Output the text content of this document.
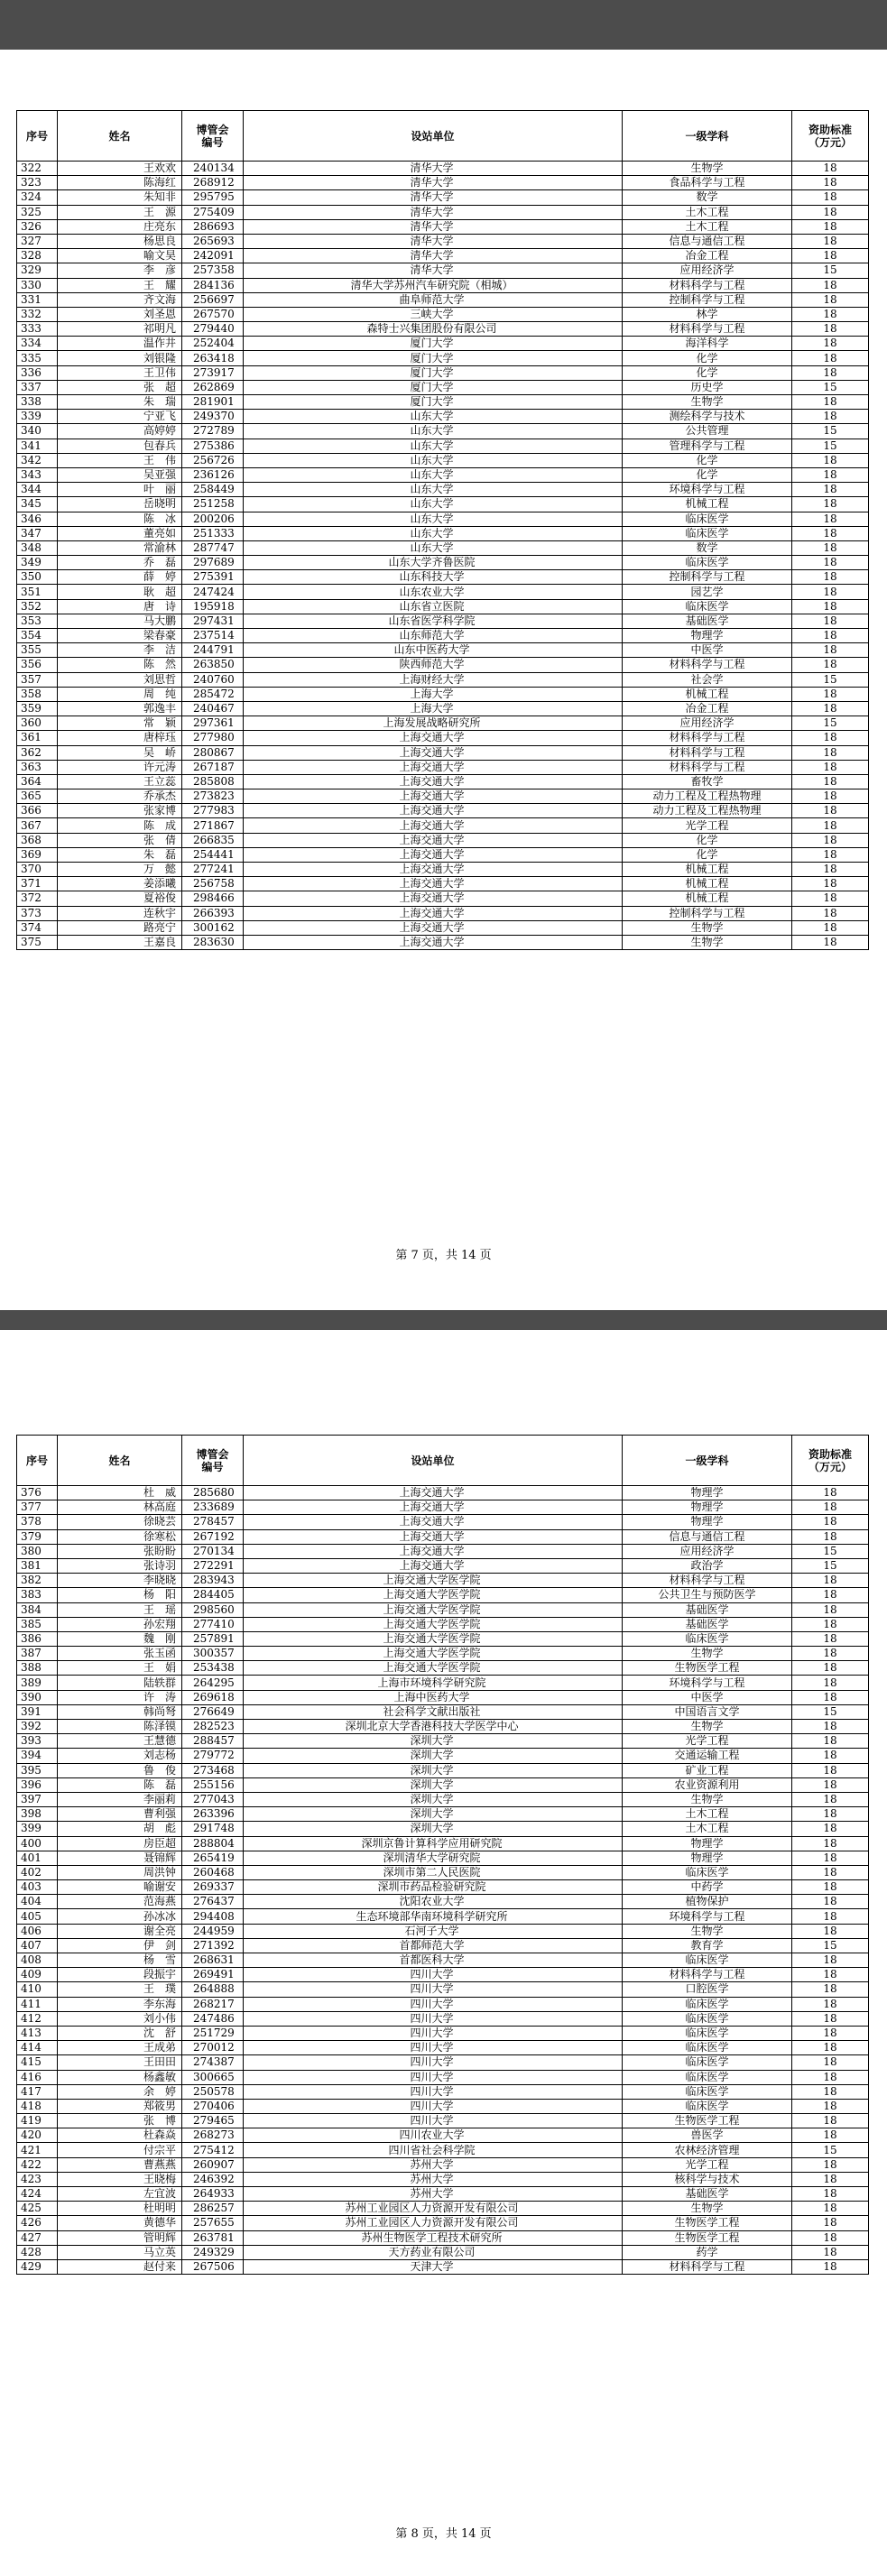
序号	姓名	博管会
编号	设站单位	一级学科	资助标准
（万元）
322	王欢欢	240134	清华大学	生物学	18
323	陈海红	268912	清华大学	食品科学与工程	18
324	朱知非	295795	清华大学	数学	18
325	王　源	275409	清华大学	土木工程	18
326	庄亮东	286693	清华大学	土木工程	18
327	杨思良	265693	清华大学	信息与通信工程	18
328	喻文昊	242091	清华大学	冶金工程	18
329	李　彦	257358	清华大学	应用经济学	15
330	王　耀	284136	清华大学苏州汽车研究院（相城）	材料科学与工程	18
331	齐文海	256697	曲阜师范大学	控制科学与工程	18
332	刘圣恩	267570	三峡大学	林学	18
333	祁明凡	279440	森特士兴集团股份有限公司	材料科学与工程	18
334	温作井	252404	厦门大学	海洋科学	18
335	刘银隆	263418	厦门大学	化学	18
336	王卫伟	273917	厦门大学	化学	18
337	张　超	262869	厦门大学	历史学	15
338	朱　瑞	281901	厦门大学	生物学	18
339	宁亚飞	249370	山东大学	测绘科学与技术	18
340	高婷婷	272789	山东大学	公共管理	15
341	包春兵	275386	山东大学	管理科学与工程	15
342	王　伟	256726	山东大学	化学	18
343	吴亚强	236126	山东大学	化学	18
344	叶　丽	258449	山东大学	环境科学与工程	18
345	岳晓明	251258	山东大学	机械工程	18
346	陈　冰	200206	山东大学	临床医学	18
347	董亮如	251333	山东大学	临床医学	18
348	常渝林	287747	山东大学	数学	18
349	乔　磊	297689	山东大学齐鲁医院	临床医学	18
350	薛　婷	275391	山东科技大学	控制科学与工程	18
351	耿　超	247424	山东农业大学	园艺学	18
352	唐　诗	195918	山东省立医院	临床医学	18
353	马大鹏	297431	山东省医学科学院	基础医学	18
354	梁春豪	237514	山东师范大学	物理学	18
355	李　洁	244791	山东中医药大学	中医学	18
356	陈　然	263850	陕西师范大学	材料科学与工程	18
357	刘思哲	240760	上海财经大学	社会学	15
358	周　纯	285472	上海大学	机械工程	18
359	郭逸丰	240467	上海大学	冶金工程	18
360	常　颖	297361	上海发展战略研究所	应用经济学	15
361	唐梓珏	277980	上海交通大学	材料科学与工程	18
362	吴　峤	280867	上海交通大学	材料科学与工程	18
363	许元涛	267187	上海交通大学	材料科学与工程	18
364	王立蕊	285808	上海交通大学	畜牧学	18
365	乔承杰	273823	上海交通大学	动力工程及工程热物理	18
366	张家博	277983	上海交通大学	动力工程及工程热物理	18
367	陈　成	271867	上海交通大学	光学工程	18
368	张　倩	266835	上海交通大学	化学	18
369	朱　磊	254441	上海交通大学	化学	18
370	万　懿	277241	上海交通大学	机械工程	18
371	姜添曦	256758	上海交通大学	机械工程	18
372	夏裕俊	298466	上海交通大学	机械工程	18
373	连秋宇	266393	上海交通大学	控制科学与工程	18
374	路亮宁	300162	上海交通大学	生物学	18
375	王嘉良	283630	上海交通大学	生物学	18
第 7 页，共 14 页
序号	姓名	博管会
编号	设站单位	一级学科	资助标准
（万元）
376	杜　威	285680	上海交通大学	物理学	18
377	林高庭	233689	上海交通大学	物理学	18
378	徐晓芸	278457	上海交通大学	物理学	18
379	徐寒松	267192	上海交通大学	信息与通信工程	18
380	张盼盼	270134	上海交通大学	应用经济学	15
381	张诗羽	272291	上海交通大学	政治学	15
382	李晓晓	283943	上海交通大学医学院	材料科学与工程	18
383	杨　阳	284405	上海交通大学医学院	公共卫生与预防医学	18
384	王　瑶	298560	上海交通大学医学院	基础医学	18
385	孙宏翔	277410	上海交通大学医学院	基础医学	18
386	魏　刚	257891	上海交通大学医学院	临床医学	18
387	张玉函	300357	上海交通大学医学院	生物学	18
388	王　娟	253438	上海交通大学医学院	生物医学工程	18
389	陆轶群	264295	上海市环境科学研究院	环境科学与工程	18
390	许　涛	269618	上海中医药大学	中医学	18
391	韩尚弩	276649	社会科学文献出版社	中国语言文学	15
392	陈泽镆	282523	深圳北京大学香港科技大学医学中心	生物学	18
393	王慧德	288457	深圳大学	光学工程	18
394	刘志杨	279772	深圳大学	交通运输工程	18
395	鲁　俊	273468	深圳大学	矿业工程	18
396	陈　磊	255156	深圳大学	农业资源利用	18
397	李丽莉	277043	深圳大学	生物学	18
398	曹利强	263396	深圳大学	土木工程	18
399	胡　彪	291748	深圳大学	土木工程	18
400	房臣超	288804	深圳京鲁计算科学应用研究院	物理学	18
401	聂锦辉	265419	深圳清华大学研究院	物理学	18
402	周洪钟	260468	深圳市第二人民医院	临床医学	18
403	喻谢安	269337	深圳市药品检验研究院	中药学	18
404	范海燕	276437	沈阳农业大学	植物保护	18
405	孙冰冰	294408	生态环境部华南环境科学研究所	环境科学与工程	18
406	谢全亮	244959	石河子大学	生物学	18
407	伊　剑	271392	首都师范大学	教育学	15
408	杨　雪	268631	首都医科大学	临床医学	18
409	段振宇	269491	四川大学	材料科学与工程	18
410	王　璞	264888	四川大学	口腔医学	18
411	李东海	268217	四川大学	临床医学	18
412	刘小伟	247486	四川大学	临床医学	18
413	沈　舒	251729	四川大学	临床医学	18
414	王成弟	270012	四川大学	临床医学	18
415	王田田	274387	四川大学	临床医学	18
416	杨鑫敏	300665	四川大学	临床医学	18
417	余　婷	250578	四川大学	临床医学	18
418	郑筱男	270406	四川大学	临床医学	18
419	张　博	279465	四川大学	生物医学工程	18
420	杜森焱	268273	四川农业大学	兽医学	18
421	付宗平	275412	四川省社会科学院	农林经济管理	15
422	曹燕燕	260907	苏州大学	光学工程	18
423	王晓梅	246392	苏州大学	核科学与技术	18
424	左宜波	264933	苏州大学	基础医学	18
425	杜明明	286257	苏州工业园区人力资源开发有限公司	生物学	18
426	黄德华	257655	苏州工业园区人力资源开发有限公司	生物医学工程	18
427	管明辉	263781	苏州生物医学工程技术研究所	生物医学工程	18
428	马立英	249329	天方药业有限公司	药学	18
429	赵付来	267506	天津大学	材料科学与工程	18
第 8 页，共 14 页
